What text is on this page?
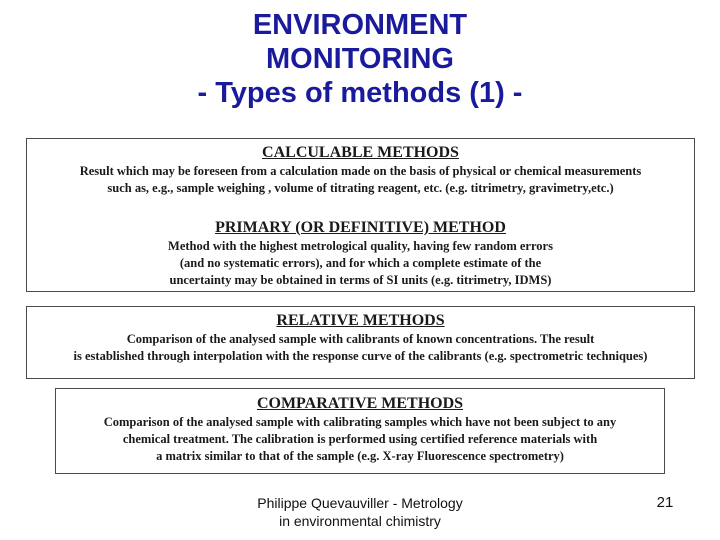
ENVIRONMENT
MONITORING
- Types of methods (1) -
CALCULABLE METHODS
Result which may be foreseen from a calculation made on the basis of physical or chemical measurements
such as, e.g., sample weighing , volume of titrating reagent, etc. (e.g. titrimetry, gravimetry,etc.)
PRIMARY (OR DEFINITIVE) METHOD
Method with the highest metrological quality, having few random errors
(and no systematic errors), and for which a complete estimate of the
uncertainty may be obtained in terms of SI units (e.g. titrimetry, IDMS)
RELATIVE METHODS
Comparison of the analysed sample with calibrants of known concentrations. The result
is established through interpolation with the response curve of the calibrants (e.g. spectrometric techniques)
COMPARATIVE METHODS
Comparison of the analysed sample with calibrating samples which have not been subject to any
chemical treatment. The calibration is performed using certified reference materials with
a matrix similar to that of the sample (e.g. X-ray Fluorescence spectrometry)
Philippe Quevauviller - Metrology
in environmental chimistry
21
